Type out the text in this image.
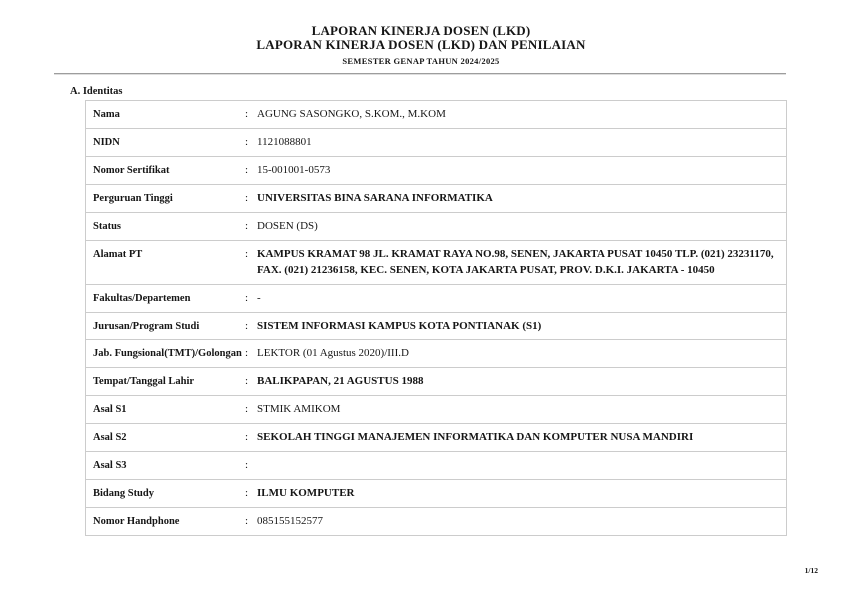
LAPORAN KINERJA DOSEN (LKD)
LAPORAN KINERJA DOSEN (LKD) DAN PENILAIAN
SEMESTER GENAP TAHUN 2024/2025
A. Identitas
Nama	: AGUNG SASONGKO, S.KOM., M.KOM
NIDN	: 1121088801
Nomor Sertifikat	: 15-001001-0573
Perguruan Tinggi	: UNIVERSITAS BINA SARANA INFORMATIKA
Status	: DOSEN (DS)
Alamat PT	: KAMPUS KRAMAT 98 JL. KRAMAT RAYA NO.98, SENEN, JAKARTA PUSAT 10450 TLP. (021) 23231170, FAX. (021) 21236158, KEC. SENEN, KOTA JAKARTA PUSAT, PROV. D.K.I. JAKARTA - 10450
Fakultas/Departemen	: -
Jurusan/Program Studi	: SISTEM INFORMASI KAMPUS KOTA PONTIANAK (S1)
Jab. Fungsional(TMT)/Golongan : LEKTOR (01 Agustus 2020)/III.D
Tempat/Tanggal Lahir	: BALIKPAPAN, 21 AGUSTUS 1988
Asal S1	: STMIK AMIKOM
Asal S2	: SEKOLAH TINGGI MANAJEMEN INFORMATIKA DAN KOMPUTER NUSA MANDIRI
Asal S3	:
Bidang Study	: ILMU KOMPUTER
Nomor Handphone	: 085155152577
1/12
